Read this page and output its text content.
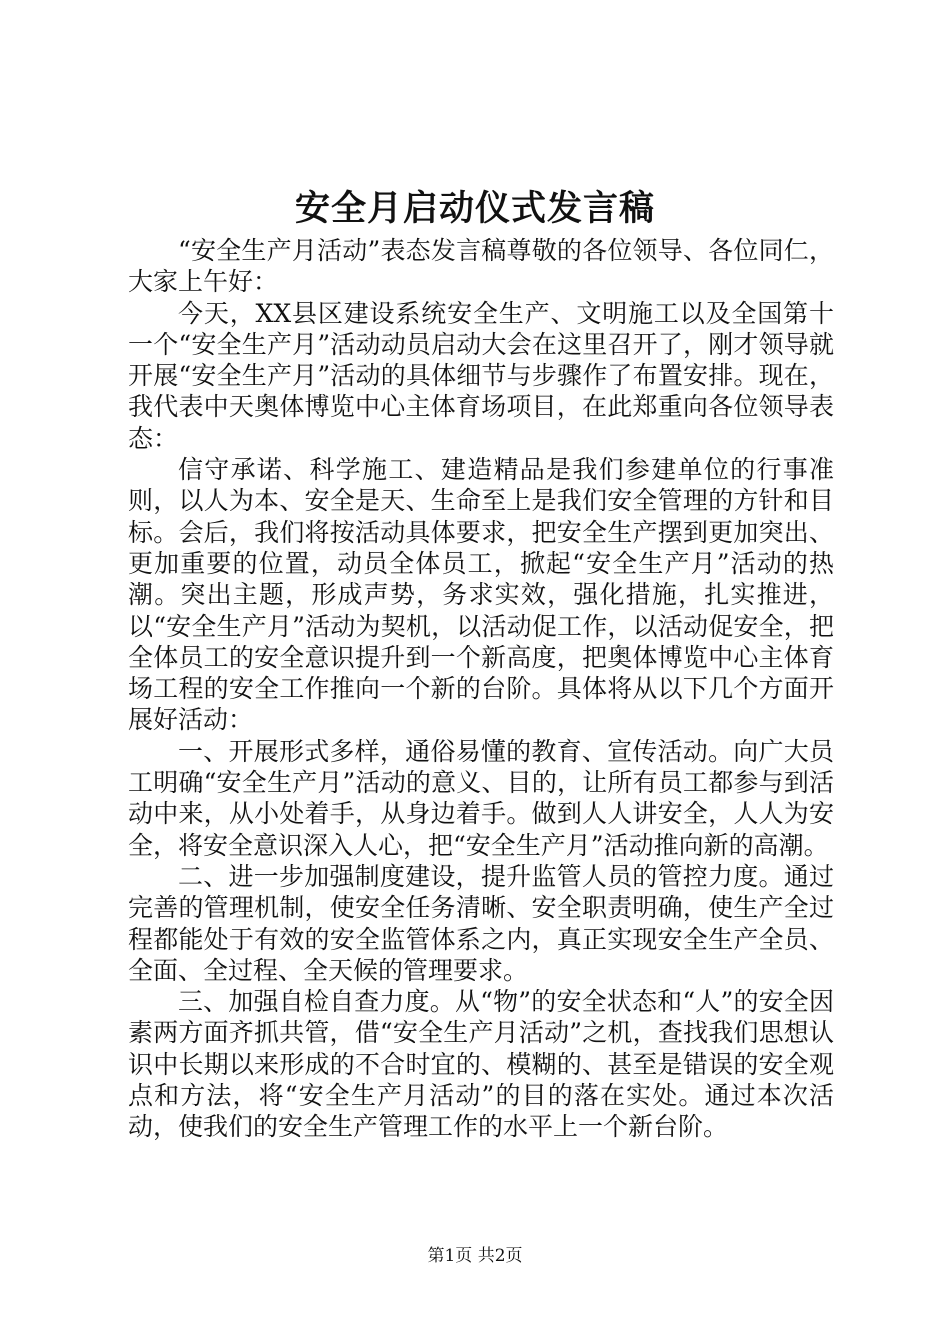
安全月启动仪式发言稿

“安全生产月活动”表态发言稿尊敬的各位领导、各位同仁，大家上午好：

今天，XX县区建设系统安全生产、文明施工以及全国第十一个“安全生产月”活动动员启动大会在这里召开了，刚才领导就开展“安全生产月”活动的具体细节与步骤作了布置安排。现在，我代表中天奥体博览中心主体育场项目，在此郑重向各位领导表态：

信守承诺、科学施工、建造精品是我们参建单位的行事准则，以人为本、安全是天、生命至上是我们安全管理的方针和目标。会后，我们将按活动具体要求，把安全生产摆到更加突出、更加重要的位置，动员全体员工，掀起“安全生产月”活动的热潮。突出主题，形成声势，务求实效，强化措施，扎实推进，以“安全生产月”活动为契机，以活动促工作，以活动促安全，把全体员工的安全意识提升到一个新高度，把奥体博览中心主体育场工程的安全工作推向一个新的台阶。具体将从以下几个方面开展好活动：

一、开展形式多样，通俗易懂的教育、宣传活动。向广大员工明确“安全生产月”活动的意义、目的，让所有员工都参与到活动中来，从小处着手，从身边着手。做到人人讲安全，人人为安全，将安全意识深入人心，把“安全生产月”活动推向新的高潮。

二、进一步加强制度建设，提升监管人员的管控力度。通过完善的管理机制，使安全任务清晰、安全职责明确，使生产全过程都能处于有效的安全监管体系之内，真正实现安全生产全员、全面、全过程、全天候的管理要求。

三、加强自检自查力度。从“物”的安全状态和“人”的安全因素两方面齐抓共管，借“安全生产月活动”之机，查找我们思想认识中长期以来形成的不合时宜的、模糊的、甚至是错误的安全观点和方法，将“安全生产月活动”的目的落在实处。通过本次活动，使我们的安全生产管理工作的水平上一个新台阶。

第1页 共2页
